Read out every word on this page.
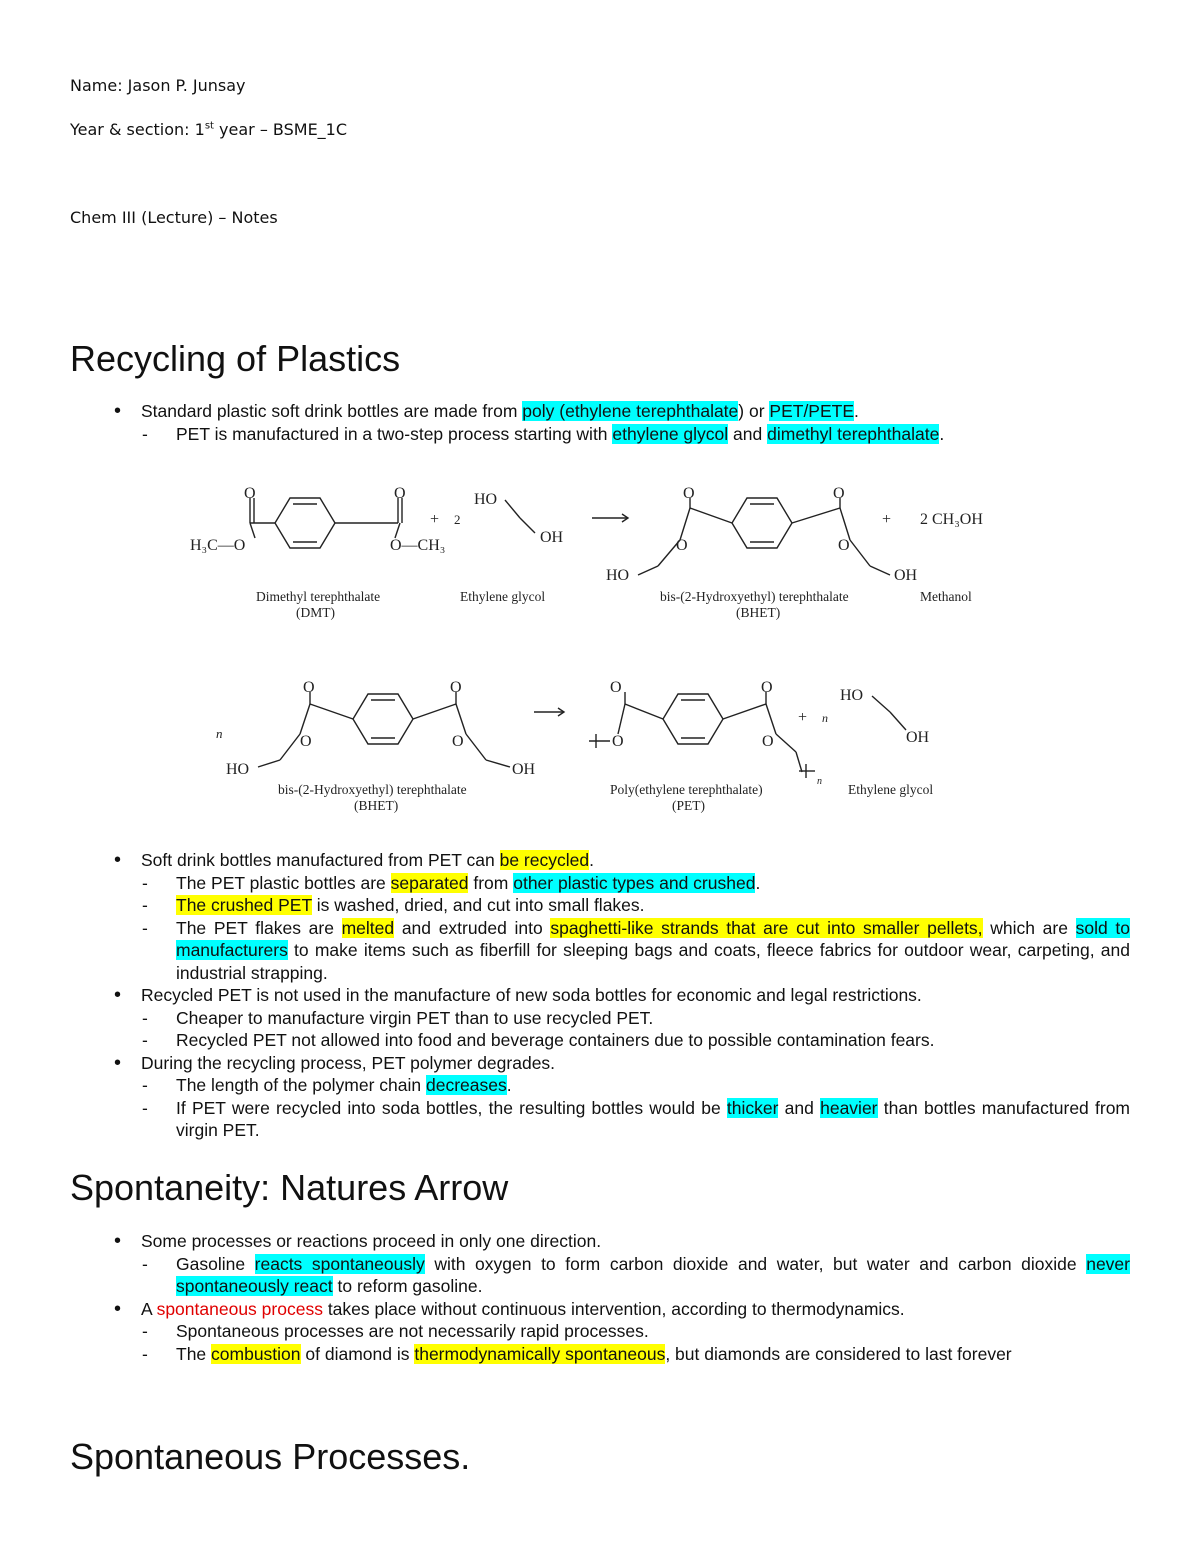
Name: Jason P. Junsay
Year & section: 1st year – BSME_1C
Chem III (Lecture) – Notes
Recycling of Plastics
• Standard plastic soft drink bottles are made from poly (ethylene terephthalate) or PET/PETE.
- PET is manufactured in a two-step process starting with ethylene glycol and dimethyl terephthalate.
O	O
H₃C—O	O—CH₃
+ 2
HO
OH
O	O
O	O
HO	OH
+ 2 CH₃OH
Dimethyl terephthalate
(DMT)
Ethylene glycol	bis-(2-Hydroxyethyl) terephthalate
(BHET)
Methanol
n
O	O
O	O
HO	OH
O	O
O	O
n
+ n
HO
OH
bis-(2-Hydroxyethyl) terephthalate
(BHET)
Poly(ethylene terephthalate)
(PET)
Ethylene glycol
• Soft drink bottles manufactured from PET can be recycled.
- The PET plastic bottles are separated from other plastic types and crushed.
- The crushed PET is washed, dried, and cut into small flakes.
- The PET flakes are melted and extruded into spaghetti-like strands that are cut into smaller pellets, which are sold to manufacturers to make items such as fiberfill for sleeping bags and coats, fleece fabrics for outdoor wear, carpeting, and industrial strapping.
• Recycled PET is not used in the manufacture of new soda bottles for economic and legal restrictions.
- Cheaper to manufacture virgin PET than to use recycled PET.
- Recycled PET not allowed into food and beverage containers due to possible contamination fears.
• During the recycling process, PET polymer degrades.
- The length of the polymer chain decreases.
- If PET were recycled into soda bottles, the resulting bottles would be thicker and heavier than bottles manufactured from virgin PET.
Spontaneity: Natures Arrow
• Some processes or reactions proceed in only one direction.
- Gasoline reacts spontaneously with oxygen to form carbon dioxide and water, but water and carbon dioxide never spontaneously react to reform gasoline.
• A spontaneous process takes place without continuous intervention, according to thermodynamics.
- Spontaneous processes are not necessarily rapid processes.
- The combustion of diamond is thermodynamically spontaneous, but diamonds are considered to last forever
Spontaneous Processes.
